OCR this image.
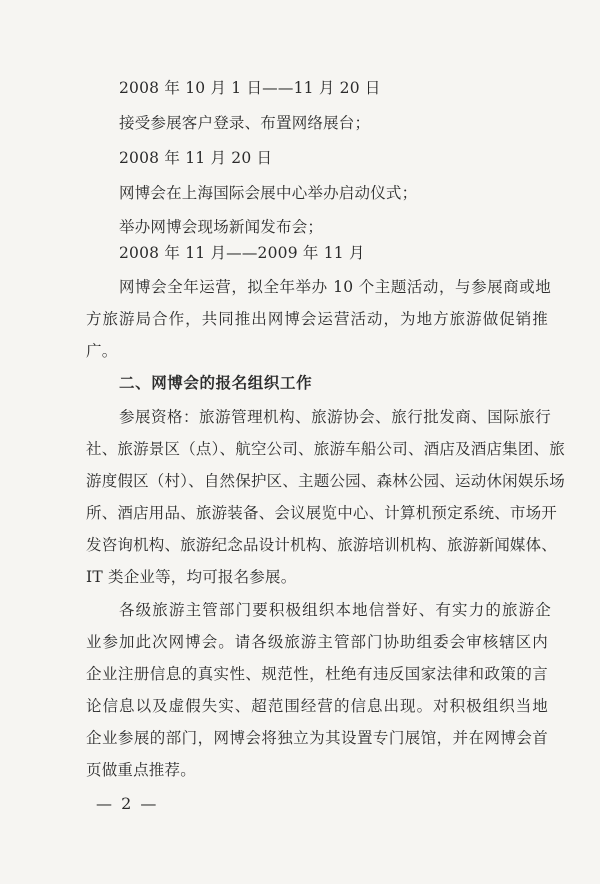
2008 年 10 月 1 日——11 月 20 日
接受参展客户登录、布置网络展台；
2008 年 11 月 20 日
网博会在上海国际会展中心举办启动仪式；
举办网博会现场新闻发布会；
2008 年 11 月——2009 年 11 月
网博会全年运营，拟全年举办 10 个主题活动，与参展商或地
方旅游局合作，共同推出网博会运营活动，为地方旅游做促销推
广。
二、网博会的报名组织工作
参展资格：旅游管理机构、旅游协会、旅行批发商、国际旅行
社、旅游景区（点）、航空公司、旅游车船公司、酒店及酒店集团、旅
游度假区（村）、自然保护区、主题公园、森林公园、运动休闲娱乐场
所、酒店用品、旅游装备、会议展览中心、计算机预定系统、市场开
发咨询机构、旅游纪念品设计机构、旅游培训机构、旅游新闻媒体、
IT 类企业等，均可报名参展。
各级旅游主管部门要积极组织本地信誉好、有实力的旅游企
业参加此次网博会。请各级旅游主管部门协助组委会审核辖区内
企业注册信息的真实性、规范性，杜绝有违反国家法律和政策的言
论信息以及虚假失实、超范围经营的信息出现。对积极组织当地
企业参展的部门，网博会将独立为其设置专门展馆，并在网博会首
页做重点推荐。
— 2 —
